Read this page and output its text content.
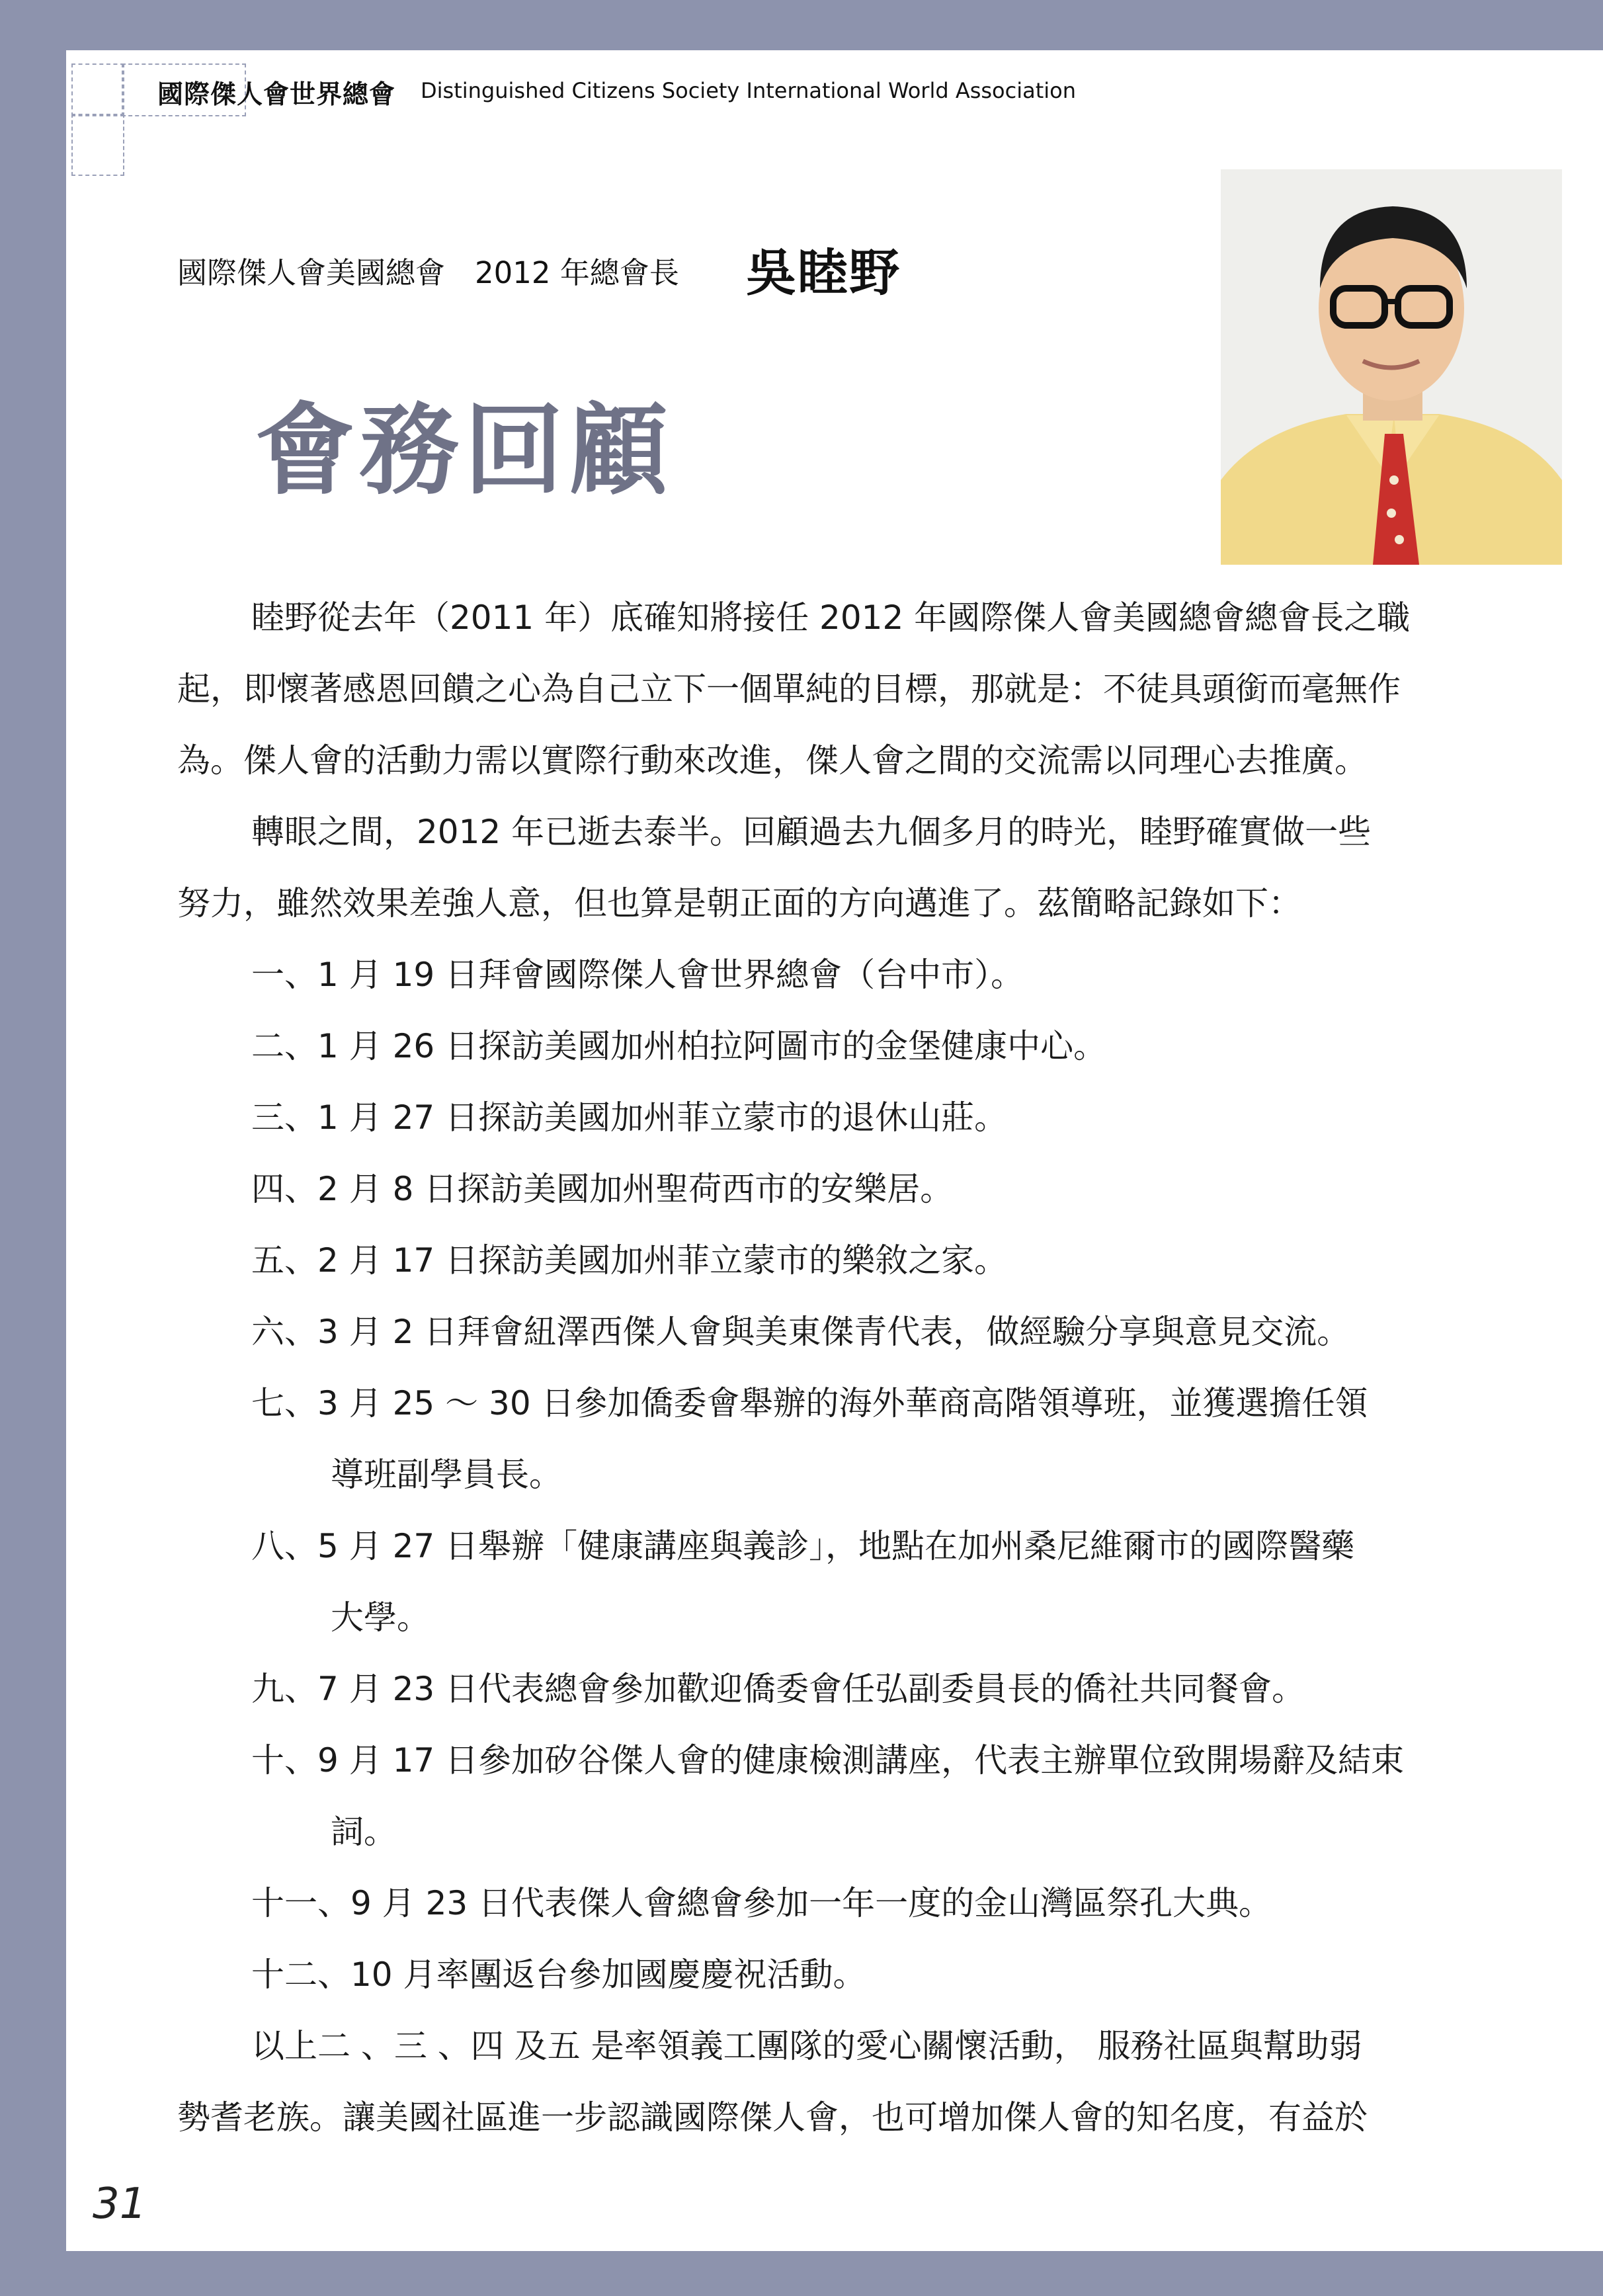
國際傑人會世界總會 Distinguished Citizens Society International World Association
國際傑人會美國總會　2012 年總會長 吳睦野
會務回顧

睦野從去年（2011 年）底確知將接任 2012 年國際傑人會美國總會總會長之職

起，即懷著感恩回饋之心為自己立下一個單純的目標，那就是：不徒具頭銜而毫無作

為。傑人會的活動力需以實際行動來改進，傑人會之間的交流需以同理心去推廣。

轉眼之間，2012 年已逝去泰半。回顧過去九個多月的時光，睦野確實做一些

努力，雖然效果差強人意，但也算是朝正面的方向邁進了。茲簡略記錄如下：

一、1 月 19 日拜會國際傑人會世界總會（台中市）。

二、1 月 26 日探訪美國加州柏拉阿圖市的金堡健康中心。

三、1 月 27 日探訪美國加州菲立蒙市的退休山莊。

四、2 月 8 日探訪美國加州聖荷西市的安樂居。

五、2 月 17 日探訪美國加州菲立蒙市的樂敘之家。

六、3 月 2 日拜會紐澤西傑人會與美東傑青代表，做經驗分享與意見交流。

七、3 月 25 ～ 30 日參加僑委會舉辦的海外華商高階領導班，並獲選擔任領

導班副學員長。

八、5 月 27 日舉辦「健康講座與義診」，地點在加州桑尼維爾市的國際醫藥

大學。

九、7 月 23 日代表總會參加歡迎僑委會任弘副委員長的僑社共同餐會。

十、9 月 17 日參加矽谷傑人會的健康檢測講座，代表主辦單位致開場辭及結束

詞。

十一、9 月 23 日代表傑人會總會參加一年一度的金山灣區祭孔大典。

十二、10 月率團返台參加國慶慶祝活動。

以上二 、三 、四 及五 是率領義工團隊的愛心關懷活動， 服務社區與幫助弱

勢耆老族。讓美國社區進一步認識國際傑人會，也可增加傑人會的知名度，有益於

31
